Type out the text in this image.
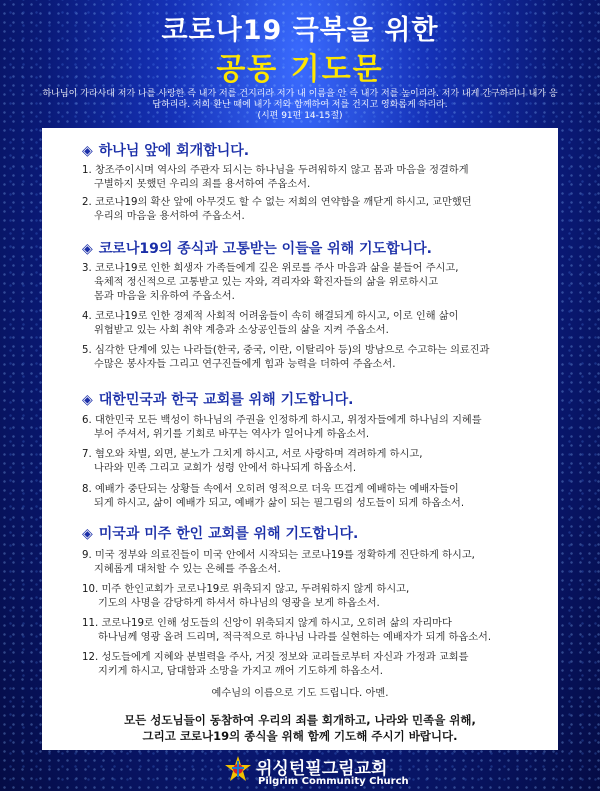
코로나19 극복을 위한
공동 기도문
하나님이 가라사대 저가 나를 사랑한 즉 내가 저를 건지리라 저가 내 이름을 안 즉 내가 저를 높이리라. 저가 내게 간구하리니 내가 응답하리라. 저희 환난 때에 내가 저와 함께하여 저를 건지고 영화롭게 하리라.
(시편 91편 14-15절)
◈ 하나님 앞에 회개합니다.
1. 창조주이시며 역사의 주관자 되시는 하나님을 두려워하지 않고 몸과 마음을 정결하게
구별하지 못했던 우리의 죄를 용서하여 주옵소서.
2. 코로나19의 확산 앞에 아무것도 할 수 없는 저희의 연약함을 깨닫게 하시고, 교만했던
우리의 마음을 용서하여 주옵소서.
◈ 코로나19의 종식과 고통받는 이들을 위해 기도합니다.
3. 코로나19로 인한 희생자 가족들에게 깊은 위로를 주사 마음과 삶을 붙들어 주시고,
육체적 정신적으로 고통받고 있는 자와, 격리자와 확진자들의 삶을 위로하시고
몸과 마음을 치유하여 주옵소서.
4. 코로나19로 인한 경제적 사회적 어려움들이 속히 해결되게 하시고, 이로 인해 삶이
위협받고 있는 사회 취약 계층과 소상공인들의 삶을 지켜 주옵소서.
5. 심각한 단계에 있는 나라들(한국, 중국, 이란, 이탈리아 등)의 방남으로 수고하는 의료진과
수많은 봉사자들 그리고 연구진들에게 힘과 능력을 더하여 주옵소서.
◈ 대한민국과 한국 교회를 위해 기도합니다.
6. 대한민국 모든 백성이 하나님의 주권을 인정하게 하시고, 위정자들에게 하나님의 지혜를
부어 주셔서, 위기를 기회로 바꾸는 역사가 일어나게 하옵소서.
7. 혐오와 차별, 외면, 분노가 그치게 하시고, 서로 사랑하며 격려하게 하시고,
나라와 민족 그리고 교회가 성령 안에서 하나되게 하옵소서.
8. 예배가 중단되는 상황들 속에서 오히려 영적으로 더욱 뜨겁게 예배하는 예배자들이
되게 하시고, 삶이 예배가 되고, 예배가 삶이 되는 필그림의 성도들이 되게 하옵소서.
◈ 미국과 미주 한인 교회를 위해 기도합니다.
9. 미국 정부와 의료진들이 미국 안에서 시작되는 코로나19를 정확하게 진단하게 하시고,
지혜롭게 대처할 수 있는 은혜를 주옵소서.
10. 미주 한인교회가 코로나19로 위축되지 않고, 두려워하지 않게 하시고,
기도의 사명을 감당하게 하셔서 하나님의 영광을 보게 하옵소서.
11. 코로나19로 인해 성도들의 신앙이 위축되지 않게 하시고, 오히려 삶의 자리마다
하나님께 영광 올려 드리며, 적극적으로 하나님 나라를 실현하는 예배자가 되게 하옵소서.
12. 성도들에게 지혜와 분별력을 주사, 거짓 정보와 교리들로부터 자신과 가정과 교회를
지키게 하시고, 담대함과 소망을 가지고 깨어 기도하게 하옵소서.
예수님의 이름으로 기도 드립니다. 아멘.
모든 성도님들이 동참하여 우리의 죄를 회개하고, 나라와 민족을 위해,
그리고 코로나19의 종식을 위해 함께 기도해 주시기 바랍니다.
위싱턴필그림교회
Pilgrim Community Church
